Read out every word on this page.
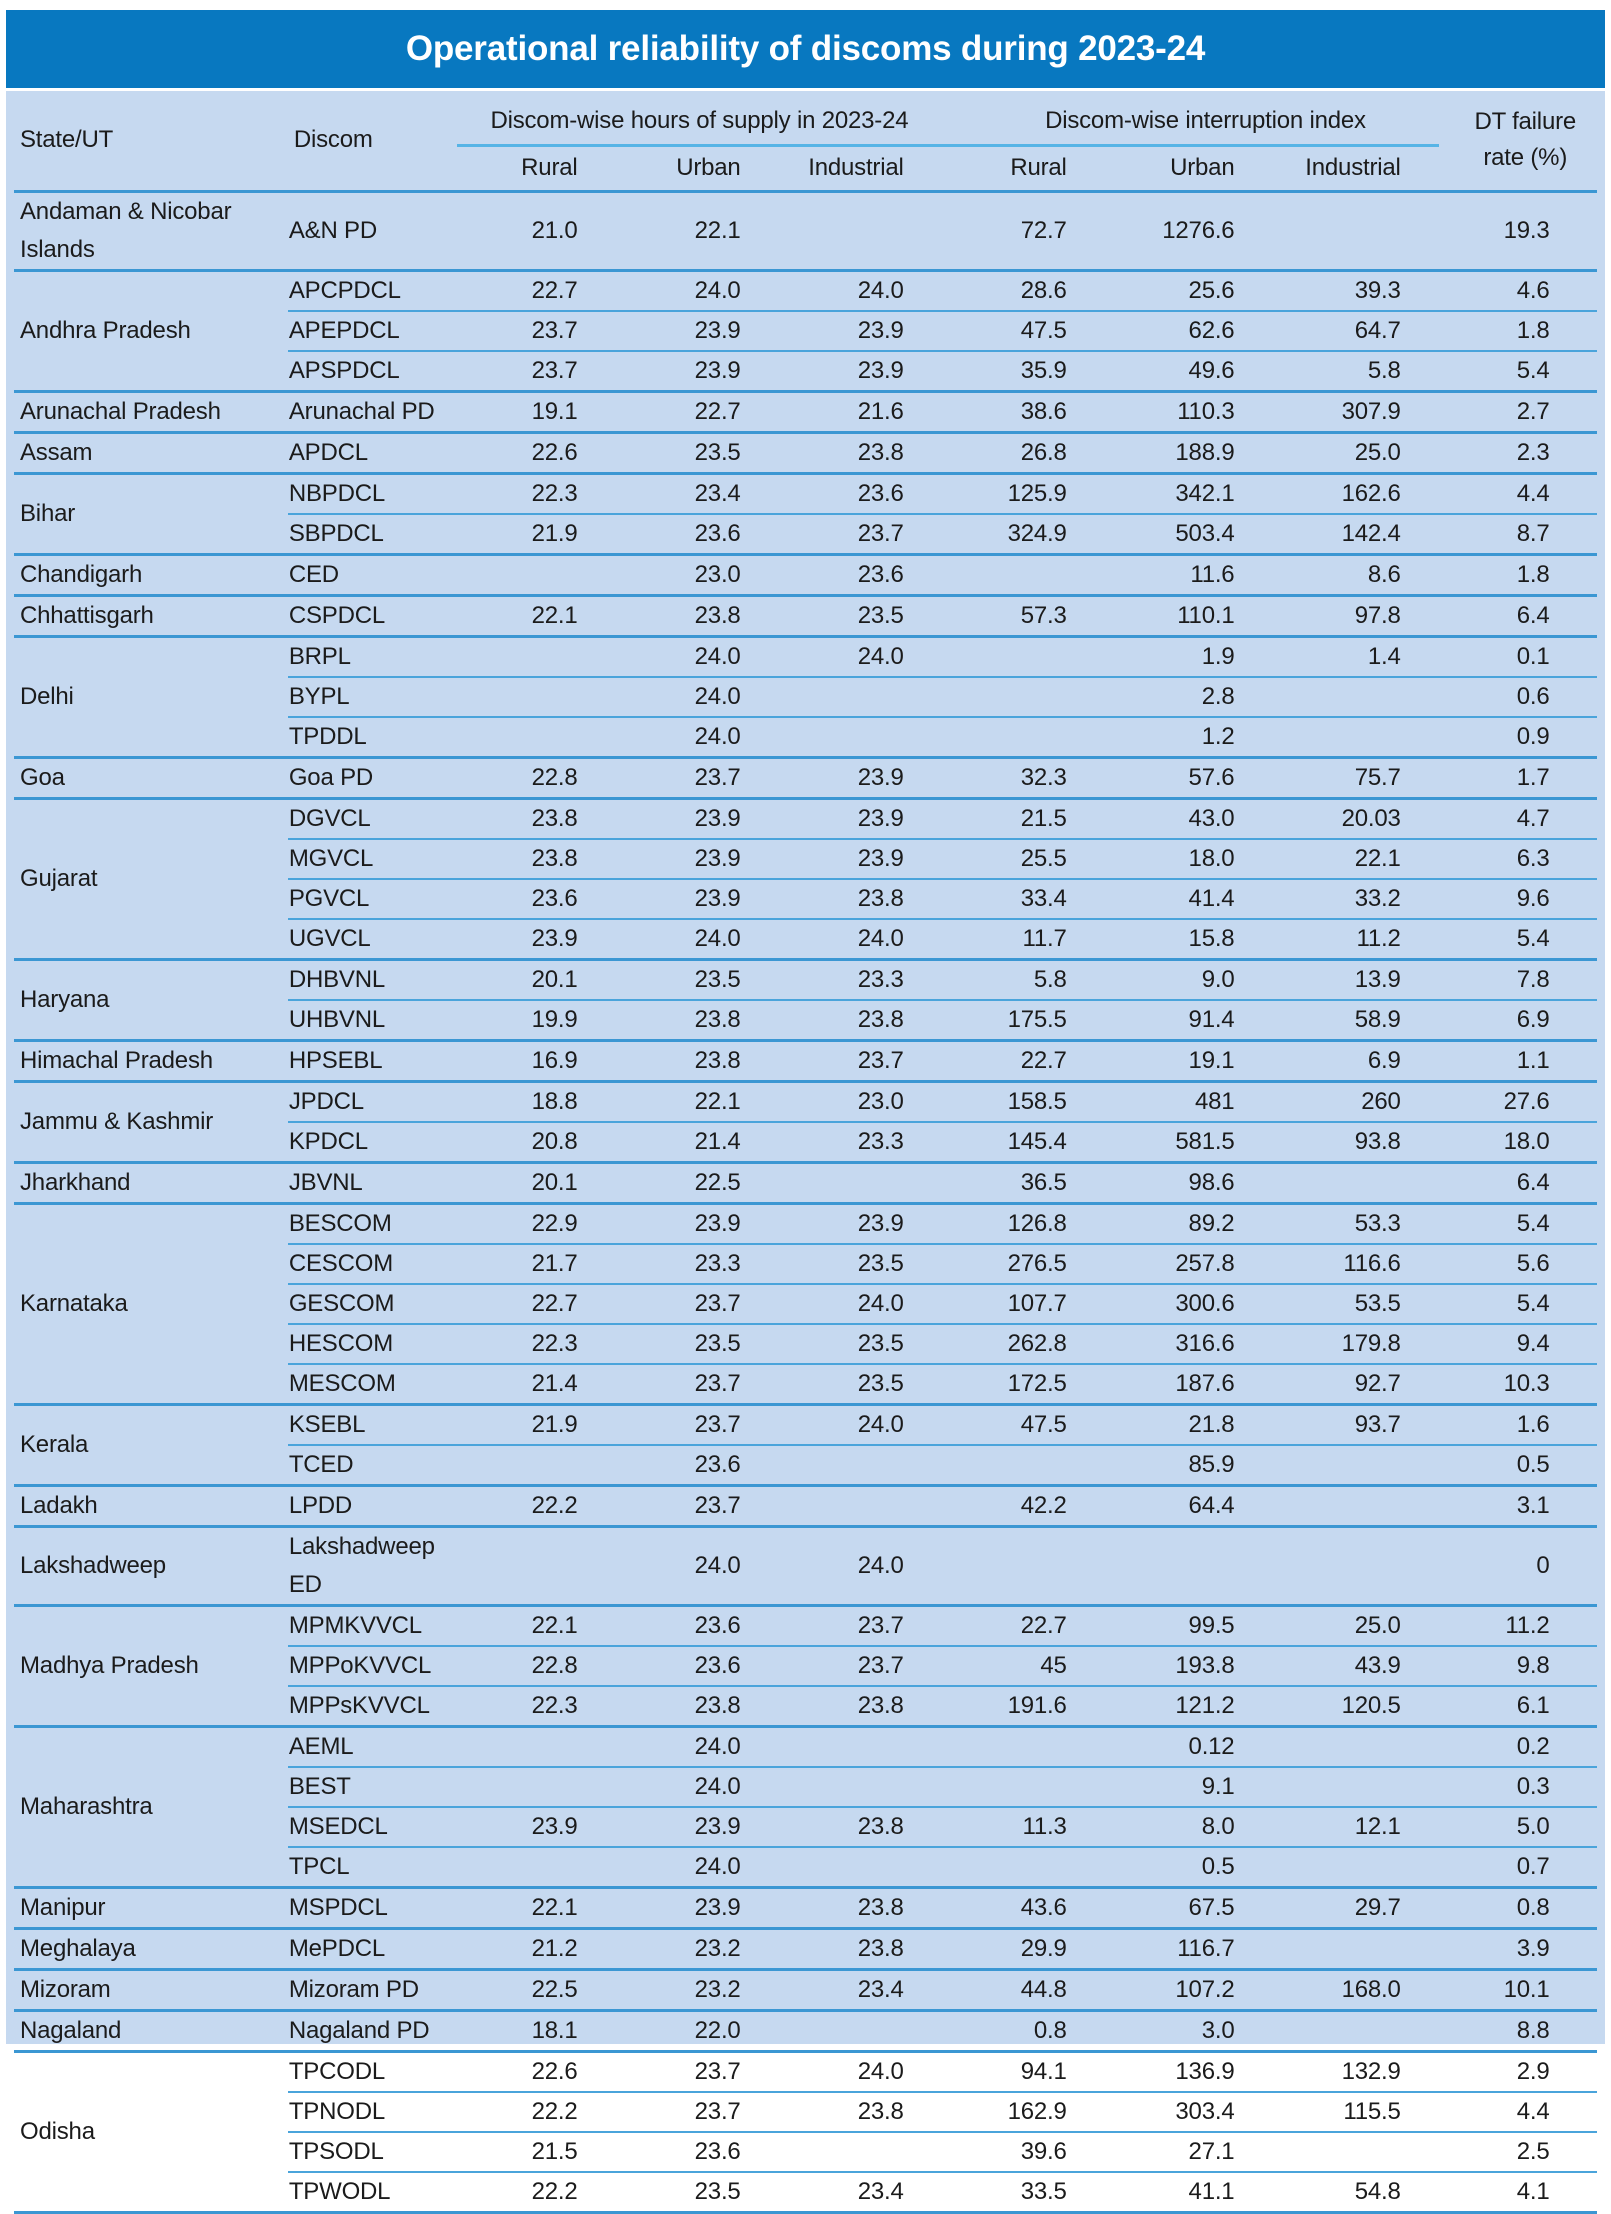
Operational reliability of discoms during 2023-24
State/UT	Discom	Discom-wise hours of supply in 2023-24			Discom-wise interruption index			DT failure
rate (%)

		Rural	Urban	Industrial	Rural	Urban	Industrial	
Andaman & Nicobar Islands	A&N PD	21.0	22.1		72.7	1276.6		19.3
Andhra Pradesh	APCPDCL	22.7	24.0	24.0	28.6	25.6	39.3	4.6
	APEPDCL	23.7	23.9	23.9	47.5	62.6	64.7	1.8
	APSPDCL	23.7	23.9	23.9	35.9	49.6	5.8	5.4
Arunachal Pradesh	Arunachal PD	19.1	22.7	21.6	38.6	110.3	307.9	2.7
Assam	APDCL	22.6	23.5	23.8	26.8	188.9	25.0	2.3
Bihar	NBPDCL	22.3	23.4	23.6	125.9	342.1	162.6	4.4
	SBPDCL	21.9	23.6	23.7	324.9	503.4	142.4	8.7
Chandigarh	CED		23.0	23.6		11.6	8.6	1.8
Chhattisgarh	CSPDCL	22.1	23.8	23.5	57.3	110.1	97.8	6.4
Delhi	BRPL		24.0	24.0		1.9	1.4	0.1
	BYPL		24.0			2.8		0.6
	TPDDL		24.0			1.2		0.9
Goa	Goa PD	22.8	23.7	23.9	32.3	57.6	75.7	1.7
Gujarat	DGVCL	23.8	23.9	23.9	21.5	43.0	20.03	4.7
	MGVCL	23.8	23.9	23.9	25.5	18.0	22.1	6.3
	PGVCL	23.6	23.9	23.8	33.4	41.4	33.2	9.6
	UGVCL	23.9	24.0	24.0	11.7	15.8	11.2	5.4
Haryana	DHBVNL	20.1	23.5	23.3	5.8	9.0	13.9	7.8
	UHBVNL	19.9	23.8	23.8	175.5	91.4	58.9	6.9
Himachal Pradesh	HPSEBL	16.9	23.8	23.7	22.7	19.1	6.9	1.1
Jammu & Kashmir	JPDCL	18.8	22.1	23.0	158.5	481	260	27.6
	KPDCL	20.8	21.4	23.3	145.4	581.5	93.8	18.0
Jharkhand	JBVNL	20.1	22.5		36.5	98.6		6.4
Karnataka	BESCOM	22.9	23.9	23.9	126.8	89.2	53.3	5.4
	CESCOM	21.7	23.3	23.5	276.5	257.8	116.6	5.6
	GESCOM	22.7	23.7	24.0	107.7	300.6	53.5	5.4
	HESCOM	22.3	23.5	23.5	262.8	316.6	179.8	9.4
	MESCOM	21.4	23.7	23.5	172.5	187.6	92.7	10.3
Kerala	KSEBL	21.9	23.7	24.0	47.5	21.8	93.7	1.6
	TCED		23.6			85.9		0.5
Ladakh	LPDD	22.2	23.7		42.2	64.4		3.1
Lakshadweep	Lakshadweep ED		24.0	24.0				0
Madhya Pradesh	MPMKVVCL	22.1	23.6	23.7	22.7	99.5	25.0	11.2
	MPPoKVVCL	22.8	23.6	23.7	45	193.8	43.9	9.8
	MPPsKVVCL	22.3	23.8	23.8	191.6	121.2	120.5	6.1
Maharashtra	AEML		24.0			0.12		0.2
	BEST		24.0			9.1		0.3
	MSEDCL	23.9	23.9	23.8	11.3	8.0	12.1	5.0
	TPCL		24.0			0.5		0.7
Manipur	MSPDCL	22.1	23.9	23.8	43.6	67.5	29.7	0.8
Meghalaya	MePDCL	21.2	23.2	23.8	29.9	116.7		3.9
Mizoram	Mizoram PD	22.5	23.2	23.4	44.8	107.2	168.0	10.1
Nagaland	Nagaland PD	18.1	22.0		0.8	3.0		8.8
Odisha	TPCODL	22.6	23.7	24.0	94.1	136.9	132.9	2.9
	TPNODL	22.2	23.7	23.8	162.9	303.4	115.5	4.4
	TPSODL	21.5	23.6		39.6	27.1		2.5
	TPWODL	22.2	23.5	23.4	33.5	41.1	54.8	4.1
